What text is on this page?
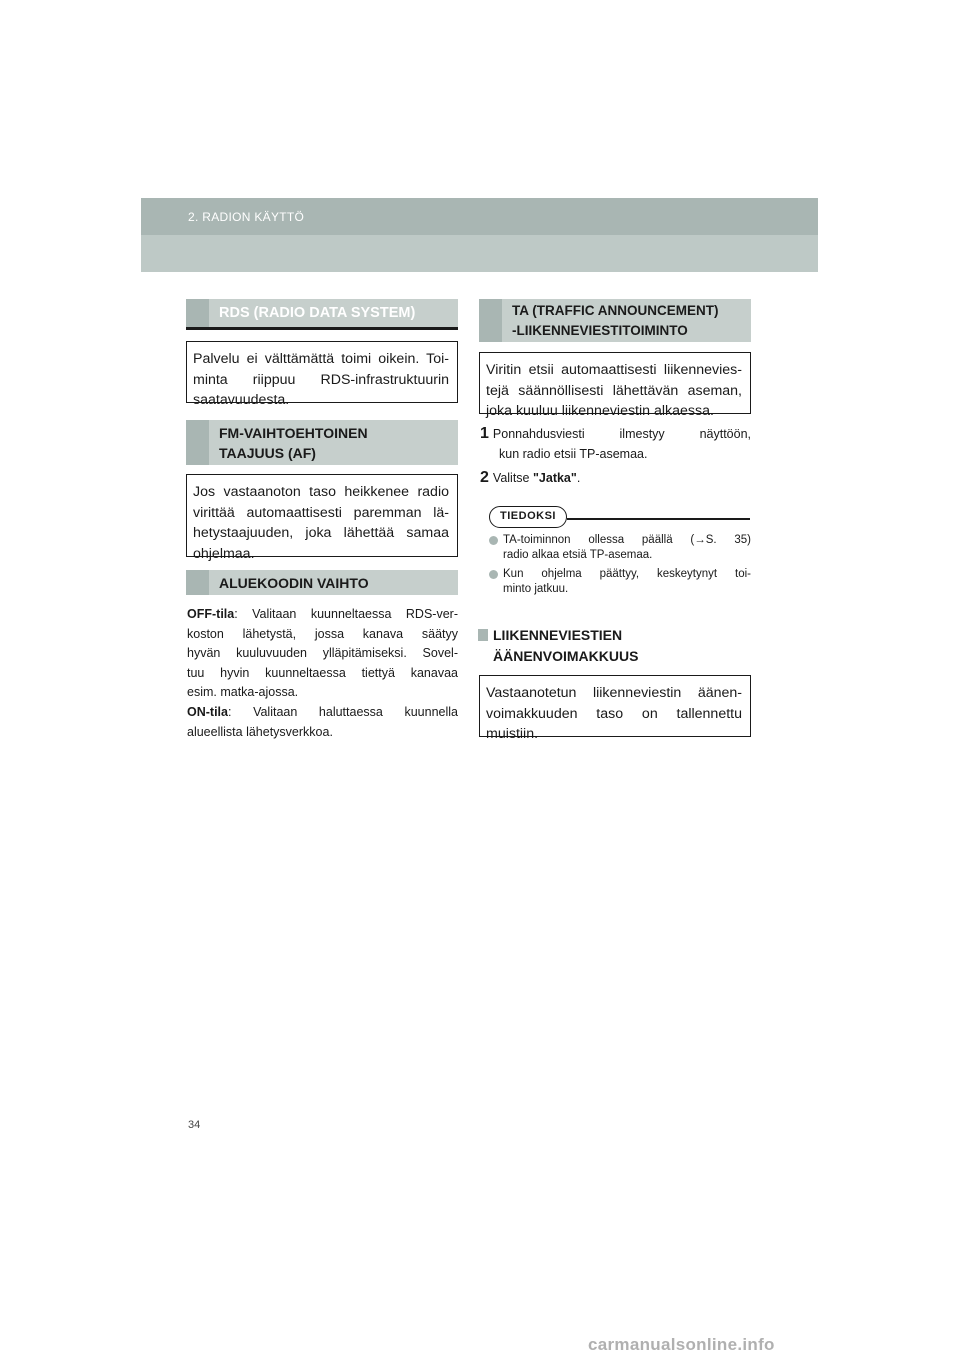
2. RADION KÄYTTÖ
RDS (RADIO DATA SYSTEM)
Palvelu ei välttämättä toimi oikein. Toi-
minta riippuu RDS-infrastruktuurin
saatavuudesta.
FM-VAIHTOEHTOINEN
TAAJUUS (AF)
Jos vastaanoton taso heikkenee radio
virittää automaattisesti paremman lä-
hetystaajuuden, joka lähettää samaa
ohjelmaa.
ALUEKOODIN VAIHTO
OFF-tila: Valitaan kuunneltaessa RDS-ver-
koston lähetystä, jossa kanava säätyy
hyvän kuuluvuuden ylläpitämiseksi. Sovel-
tuu hyvin kuunneltaessa tiettyä kanavaa
esim. matka-ajossa.
ON-tila: Valitaan haluttaessa kuunnella
alueellista lähetysverkkoa.
TA (TRAFFIC ANNOUNCEMENT)
-LIIKENNEVIESTITOIMINTO
Viritin etsii automaattisesti liikennevies-
tejä säännöllisesti lähettävän aseman,
joka kuuluu liikenneviestin alkaessa.
1 Ponnahdusviesti ilmestyy näyttöön,
kun radio etsii TP-asemaa.
2 Valitse "Jatka".
TIEDOKSI
TA-toiminnon ollessa päällä (→S. 35)
radio alkaa etsiä TP-asemaa.
Kun ohjelma päättyy, keskeytynyt toi-
minto jatkuu.
LIIKENNEVIESTIEN
ÄÄNENVOIMAKKUUS
Vastaanotetun liikenneviestin äänen-
voimakkuuden taso on tallennettu
muistiin.
34
carmanualsonline.info
